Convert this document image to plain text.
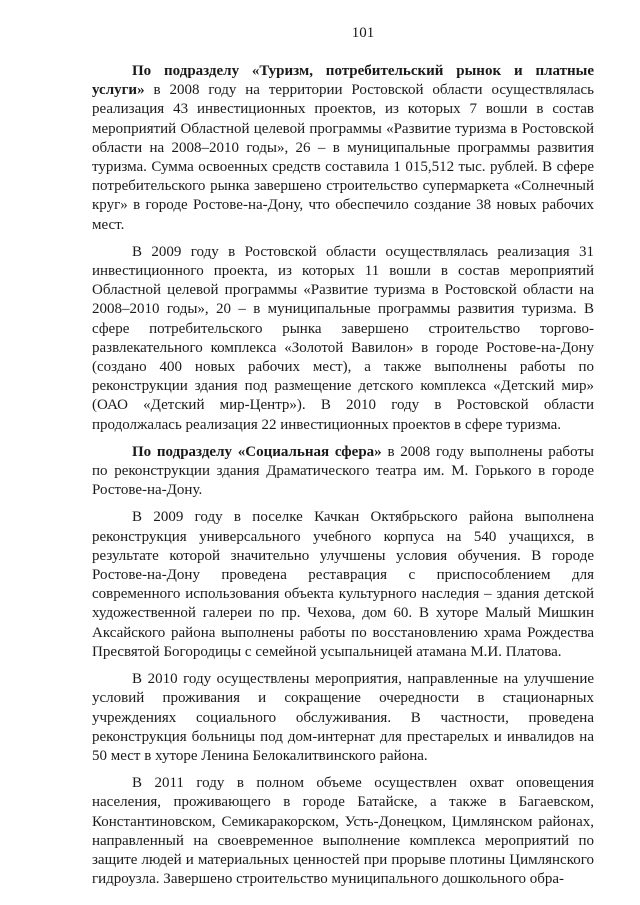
101

По подразделу «Туризм, потребительский рынок и платные услуги» в 2008 году на территории Ростовской области осуществлялась реализация 43 инвестиционных проектов, из которых 7 вошли в состав мероприятий Областной целевой программы «Развитие туризма в Ростовской области на 2008–2010 годы», 26 – в муниципальные программы развития туризма. Сумма освоенных средств составила 1 015,512 тыс. рублей. В сфере потребительского рынка завершено строительство супермаркета «Солнечный круг» в городе Ростове-на-Дону, что обеспечило создание 38 новых рабочих мест.

В 2009 году в Ростовской области осуществлялась реализация 31 инвестиционного проекта, из которых 11 вошли в состав мероприятий Областной целевой программы «Развитие туризма в Ростовской области на 2008–2010 годы», 20 – в муниципальные программы развития туризма. В сфере потребительского рынка завершено строительство торгово-развлекательного комплекса «Золотой Вавилон» в городе Ростове-на-Дону (создано 400 новых рабочих мест), а также выполнены работы по реконструкции здания под размещение детского комплекса «Детский мир» (ОАО «Детский мир-Центр»). В 2010 году в Ростовской области продолжалась реализация 22 инвестиционных проектов в сфере туризма.

По подразделу «Социальная сфера» в 2008 году выполнены работы по реконструкции здания Драматического театра им. М. Горького в городе Ростове-на-Дону.

В 2009 году в поселке Качкан Октябрьского района выполнена реконструкция универсального учебного корпуса на 540 учащихся, в результате которой значительно улучшены условия обучения. В городе Ростове-на-Дону проведена реставрация с приспособлением для современного использования объекта культурного наследия – здания детской художественной галереи по пр. Чехова, дом 60. В хуторе Малый Мишкин Аксайского района выполнены работы по восстановлению храма Рождества Пресвятой Богородицы с семейной усыпальницей атамана М.И. Платова.

В 2010 году осуществлены мероприятия, направленные на улучшение условий проживания и сокращение очередности в стационарных учреждениях социального обслуживания. В частности, проведена реконструкция больницы под дом-интернат для престарелых и инвалидов на 50 мест в хуторе Ленина Белокалитвинского района.

В 2011 году в полном объеме осуществлен охват оповещения населения, проживающего в городе Батайске, а также в Багаевском, Константиновском, Семикаракорском, Усть-Донецком, Цимлянском районах, направленный на своевременное выполнение комплекса мероприятий по защите людей и материальных ценностей при прорыве плотины Цимлянского гидроузла. Завершено строительство муниципального дошкольного обра-
